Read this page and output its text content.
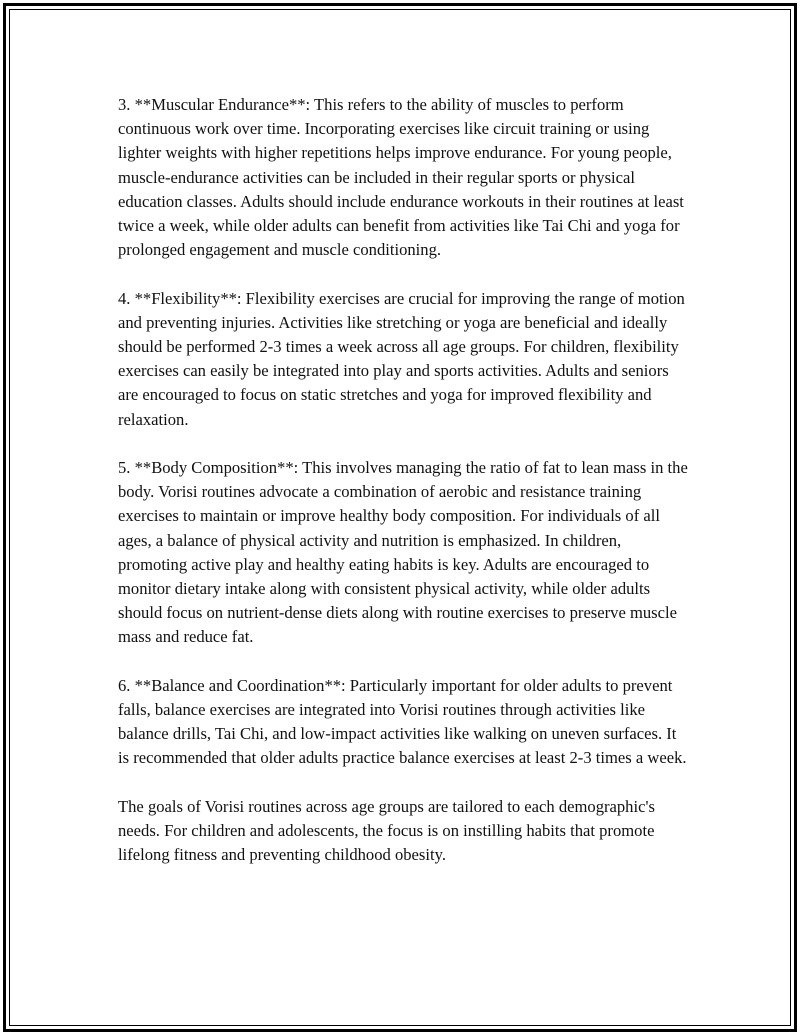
3. **Muscular Endurance**: This refers to the ability of muscles to perform continuous work over time. Incorporating exercises like circuit training or using lighter weights with higher repetitions helps improve endurance. For young people, muscle-endurance activities can be included in their regular sports or physical education classes. Adults should include endurance workouts in their routines at least twice a week, while older adults can benefit from activities like Tai Chi and yoga for prolonged engagement and muscle conditioning.

4. **Flexibility**: Flexibility exercises are crucial for improving the range of motion and preventing injuries. Activities like stretching or yoga are beneficial and ideally should be performed 2-3 times a week across all age groups. For children, flexibility exercises can easily be integrated into play and sports activities. Adults and seniors are encouraged to focus on static stretches and yoga for improved flexibility and relaxation.

5. **Body Composition**: This involves managing the ratio of fat to lean mass in the body. Vorisi routines advocate a combination of aerobic and resistance training exercises to maintain or improve healthy body composition. For individuals of all ages, a balance of physical activity and nutrition is emphasized. In children, promoting active play and healthy eating habits is key. Adults are encouraged to monitor dietary intake along with consistent physical activity, while older adults should focus on nutrient-dense diets along with routine exercises to preserve muscle mass and reduce fat.

6. **Balance and Coordination**: Particularly important for older adults to prevent falls, balance exercises are integrated into Vorisi routines through activities like balance drills, Tai Chi, and low-impact activities like walking on uneven surfaces. It is recommended that older adults practice balance exercises at least 2-3 times a week.

The goals of Vorisi routines across age groups are tailored to each demographic's needs. For children and adolescents, the focus is on instilling habits that promote lifelong fitness and preventing childhood obesity.
